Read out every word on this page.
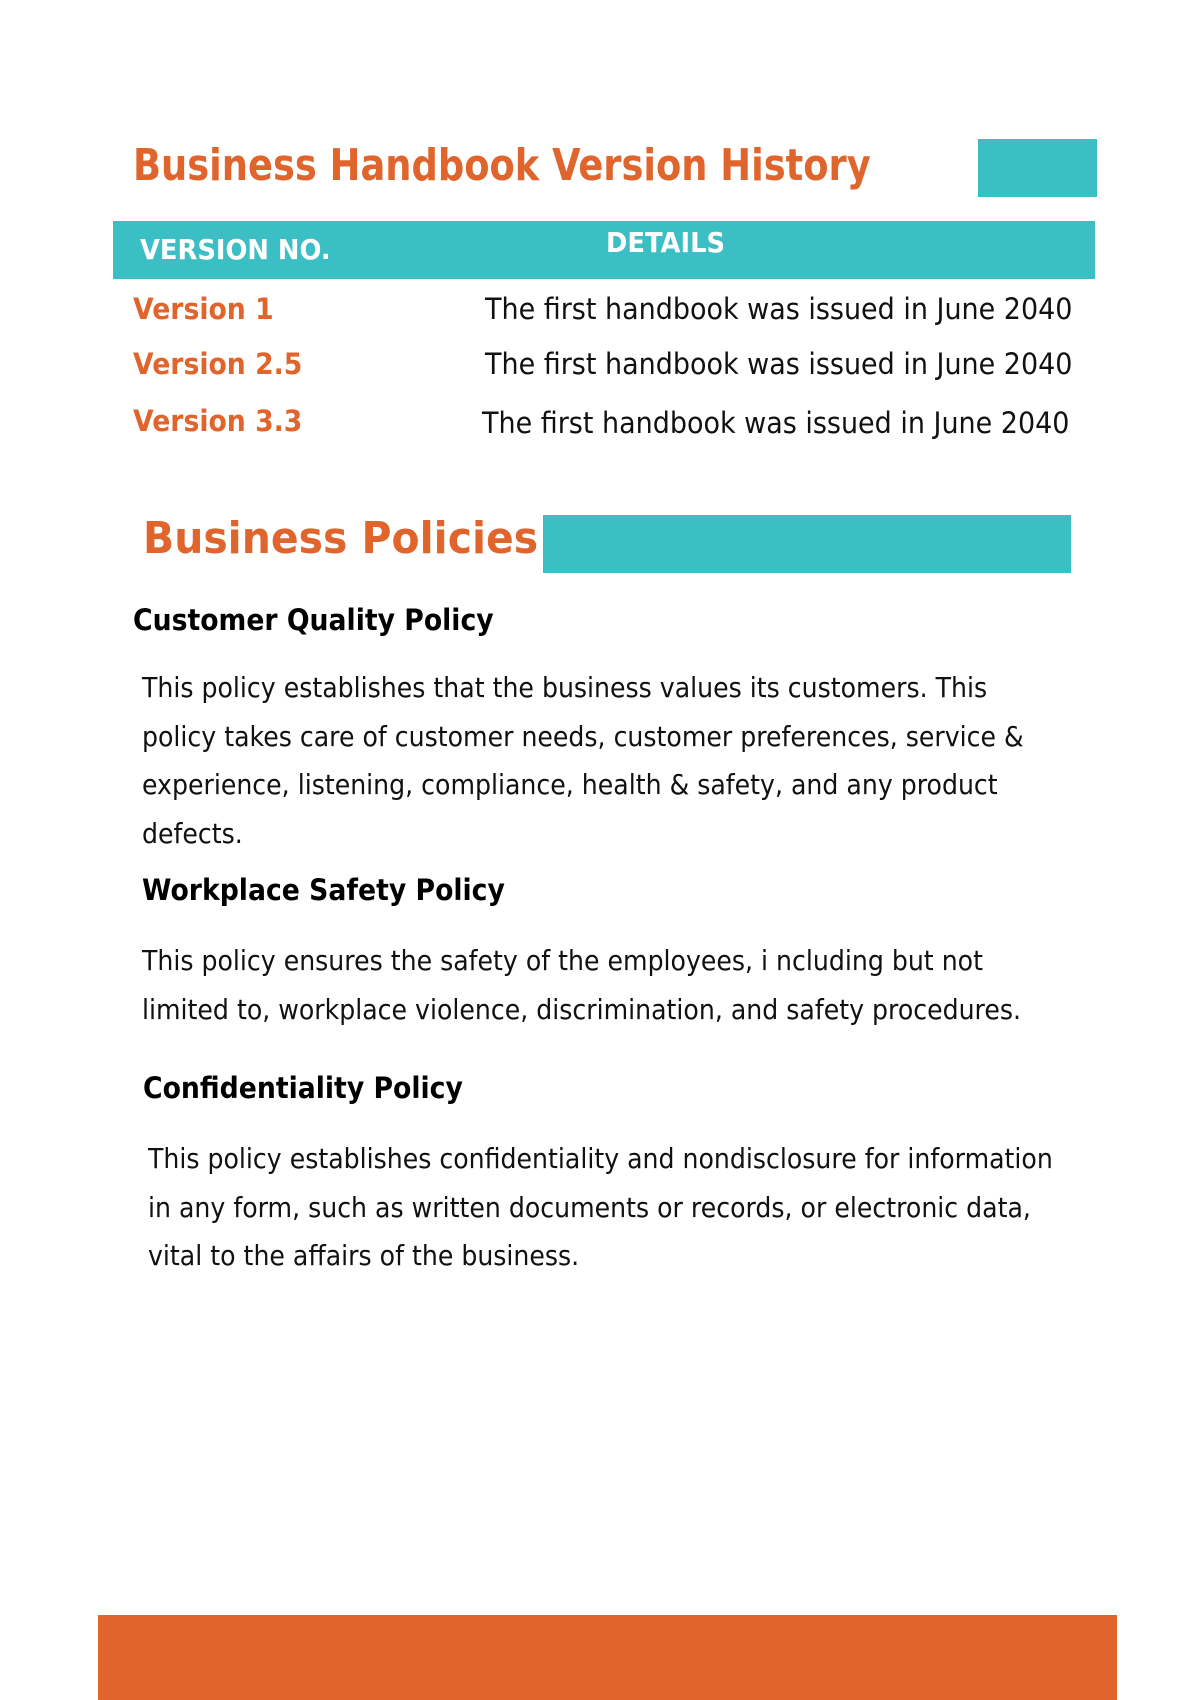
Business Handbook Version History
VERSION NO.	DETAILS
Version 1	The first handbook was issued in June 2040
Version 2.5	The first handbook was issued in June 2040
Version 3.3	The first handbook was issued in June 2040
Business Policies
Customer Quality Policy
This policy establishes that the business values its customers. This
policy takes care of customer needs, customer preferences, service &
experience, listening, compliance, health & safety, and any product
defects.
Workplace Safety Policy
This policy ensures the safety of the employees, i ncluding but not
limited to, workplace violence, discrimination, and safety procedures.
Confidentiality Policy
This policy establishes confidentiality and nondisclosure for information
in any form, such as written documents or records, or electronic data,
vital to the affairs of the business.
